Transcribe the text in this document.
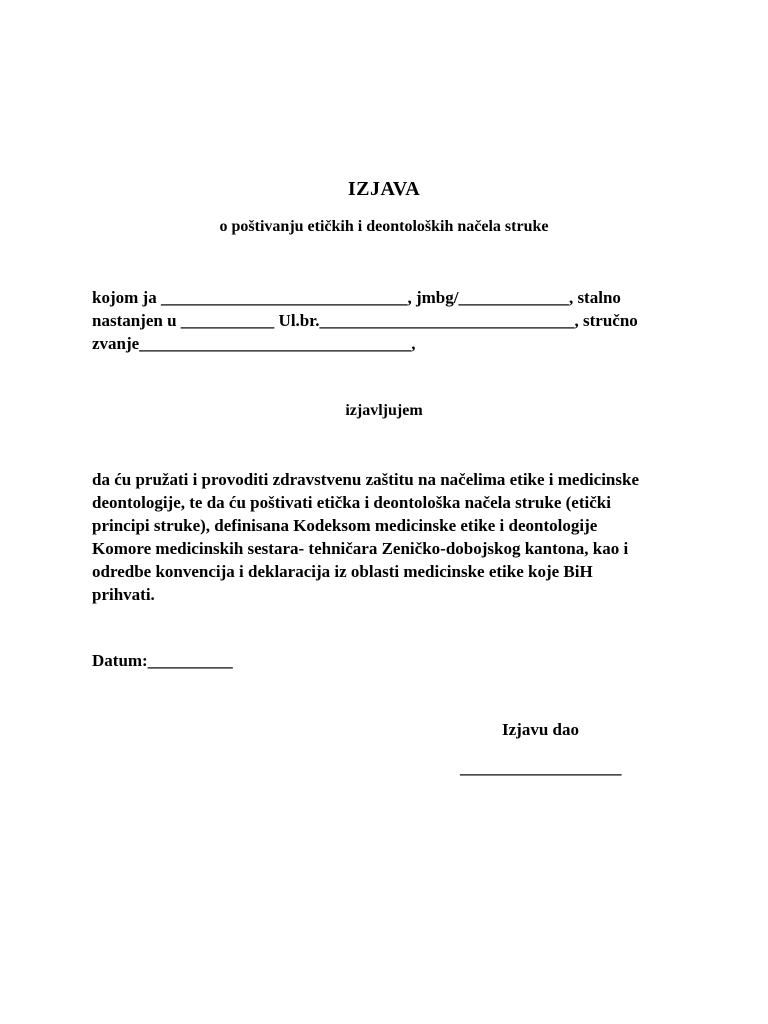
IZJAVA
o poštivanju etičkih i deontoloških načela struke
kojom ja _____________________________, jmbg/_____________, stalno
nastanjen u ___________ Ul.br.______________________________, stručno
zvanje________________________________,
izjavljujem
da ću pružati i provoditi zdravstvenu zaštitu na načelima etike i medicinske
deontologije, te da ću poštivati etička i deontološka načela struke (etički
principi struke), definisana Kodeksom medicinske etike i deontologije
Komore medicinskih sestara- tehničara Zeničko-dobojskog kantona, kao i
odredbe konvencija i deklaracija iz oblasti medicinske etike koje BiH
prihvati.
Datum:__________
Izjavu dao
___________________
